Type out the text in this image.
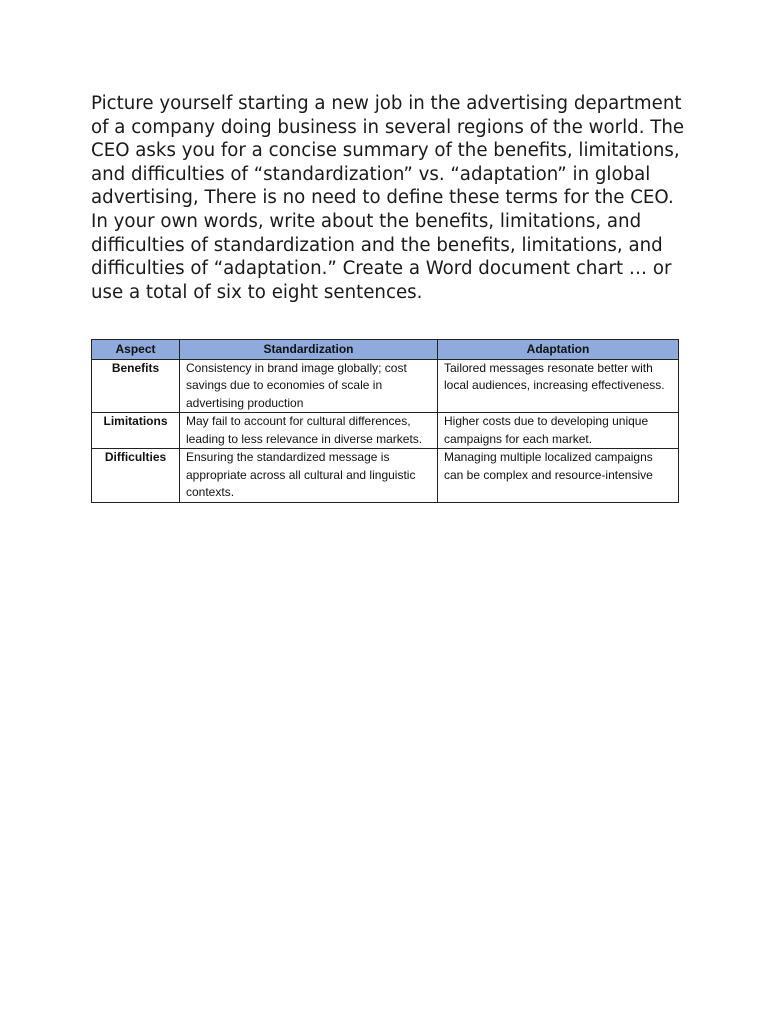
Picture yourself starting a new job in the advertising department of a company doing business in several regions of the world. The CEO asks you for a concise summary of the benefits, limitations, and difficulties of “standardization” vs. “adaptation” in global advertising, There is no need to define these terms for the CEO. In your own words, write about the benefits, limitations, and difficulties of standardization and the benefits, limitations, and difficulties of “adaptation.” Create a Word document chart … or use a total of six to eight sentences.

Aspect	Standardization	Adaptation
Benefits	Consistency in brand image globally; cost savings due to economies of scale in advertising production	Tailored messages resonate better with local audiences, increasing effectiveness.
Limitations	May fail to account for cultural differences, leading to less relevance in diverse markets.	Higher costs due to developing unique campaigns for each market.
Difficulties	Ensuring the standardized message is appropriate across all cultural and linguistic contexts.	Managing multiple localized campaigns can be complex and resource-intensive
